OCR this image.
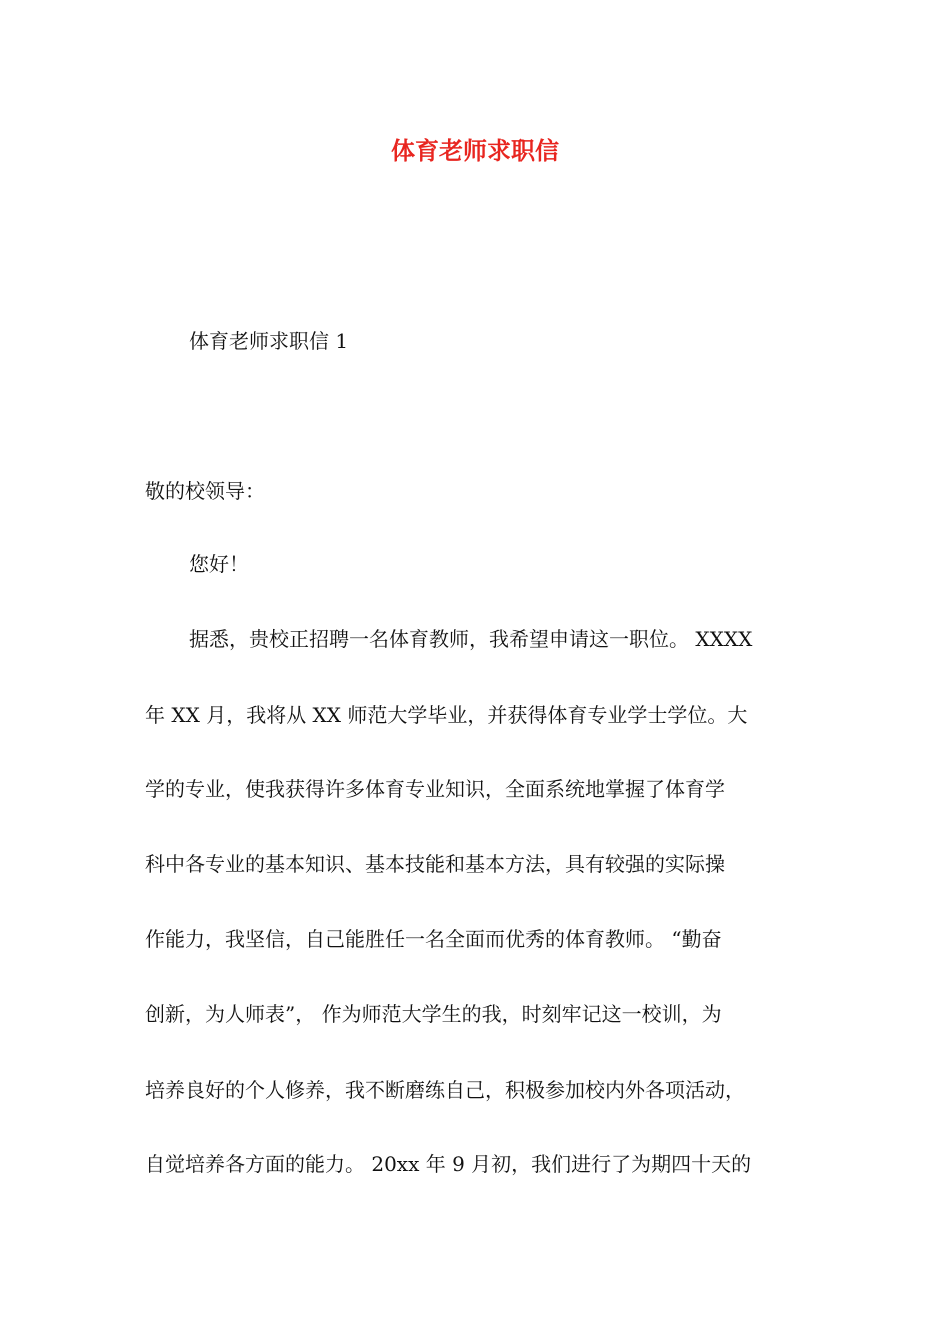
体育老师求职信
体育老师求职信 1
敬的校领导：
您好！
据悉，贵校正招聘一名体育教师，我希望申请这一职位。 XXXX
年 XX 月，我将从 XX 师范大学毕业，并获得体育专业学士学位。大
学的专业，使我获得许多体育专业知识，全面系统地掌握了体育学
科中各专业的基本知识、基本技能和基本方法，具有较强的实际操
作能力，我坚信，自己能胜任一名全面而优秀的体育教师。 “勤奋
创新，为人师表”， 作为师范大学生的我，时刻牢记这一校训，为
培养良好的个人修养，我不断磨练自己，积极参加校内外各项活动，
自觉培养各方面的能力。 20xx 年 9 月初，我们进行了为期四十天的
